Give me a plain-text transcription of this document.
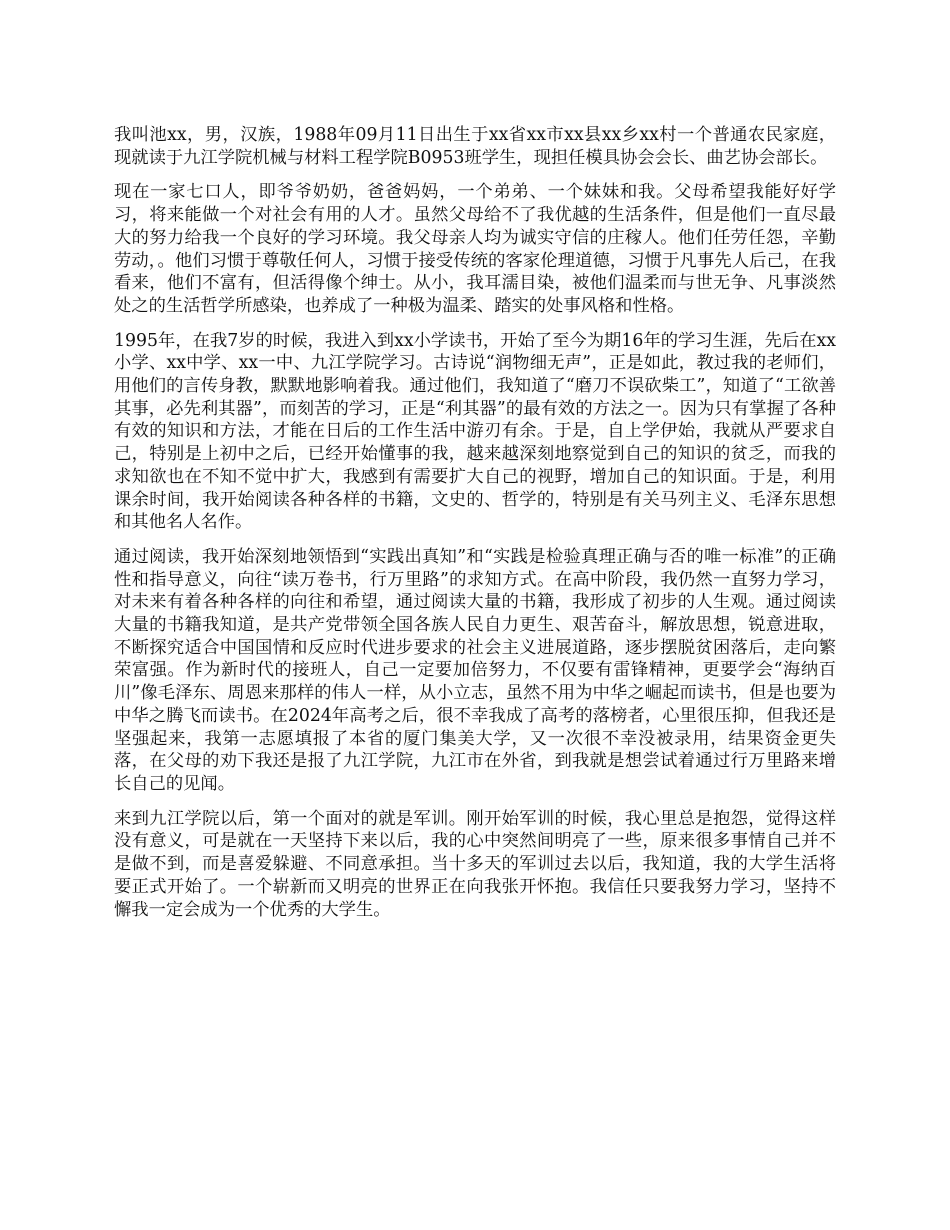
我叫池xx，男，汉族，1988年09月11日出生于xx省xx市xx县xx乡xx村一个普通农民家庭，现就读于九江学院机械与材料工程学院B0953班学生，现担任模具协会会长、曲艺协会部长。

现在一家七口人，即爷爷奶奶，爸爸妈妈，一个弟弟、一个妹妹和我。父母希望我能好好学习，将来能做一个对社会有用的人才。虽然父母给不了我优越的生活条件，但是他们一直尽最大的努力给我一个良好的学习环境。我父母亲人均为诚实守信的庄稼人。他们任劳任怨，辛勤劳动，。他们习惯于尊敬任何人，习惯于接受传统的客家伦理道德，习惯于凡事先人后己，在我看来，他们不富有，但活得像个绅士。从小，我耳濡目染，被他们温柔而与世无争、凡事淡然处之的生活哲学所感染，也养成了一种极为温柔、踏实的处事风格和性格。

1995年，在我7岁的时候，我进入到xx小学读书，开始了至今为期16年的学习生涯，先后在xx小学、xx中学、xx一中、九江学院学习。古诗说“润物细无声”，正是如此，教过我的老师们，用他们的言传身教，默默地影响着我。通过他们，我知道了“磨刀不误砍柴工”，知道了“工欲善其事，必先利其器”，而刻苦的学习，正是“利其器”的最有效的方法之一。因为只有掌握了各种有效的知识和方法，才能在日后的工作生活中游刃有余。于是，自上学伊始，我就从严要求自己，特别是上初中之后，已经开始懂事的我，越来越深刻地察觉到自己的知识的贫乏，而我的求知欲也在不知不觉中扩大，我感到有需要扩大自己的视野，增加自己的知识面。于是，利用课余时间，我开始阅读各种各样的书籍，文史的、哲学的，特别是有关马列主义、毛泽东思想和其他名人名作。

通过阅读，我开始深刻地领悟到“实践出真知”和“实践是检验真理正确与否的唯一标准”的正确性和指导意义，向往“读万卷书，行万里路”的求知方式。在高中阶段，我仍然一直努力学习，对未来有着各种各样的向往和希望，通过阅读大量的书籍，我形成了初步的人生观。通过阅读大量的书籍我知道，是共产党带领全国各族人民自力更生、艰苦奋斗，解放思想，锐意进取，不断探究适合中国国情和反应时代进步要求的社会主义进展道路，逐步摆脱贫困落后，走向繁荣富强。作为新时代的接班人，自己一定要加倍努力，不仅要有雷锋精神，更要学会“海纳百川”像毛泽东、周恩来那样的伟人一样，从小立志，虽然不用为中华之崛起而读书，但是也要为中华之腾飞而读书。在2024年高考之后，很不幸我成了高考的落榜者，心里很压抑，但我还是坚强起来，我第一志愿填报了本省的厦门集美大学，又一次很不幸没被录用，结果资金更失落，在父母的劝下我还是报了九江学院，九江市在外省，到我就是想尝试着通过行万里路来增长自己的见闻。

来到九江学院以后，第一个面对的就是军训。刚开始军训的时候，我心里总是抱怨，觉得这样没有意义，可是就在一天坚持下来以后，我的心中突然间明亮了一些，原来很多事情自己并不是做不到，而是喜爱躲避、不同意承担。当十多天的军训过去以后，我知道，我的大学生活将要正式开始了。一个崭新而又明亮的世界正在向我张开怀抱。我信任只要我努力学习，坚持不懈我一定会成为一个优秀的大学生。
